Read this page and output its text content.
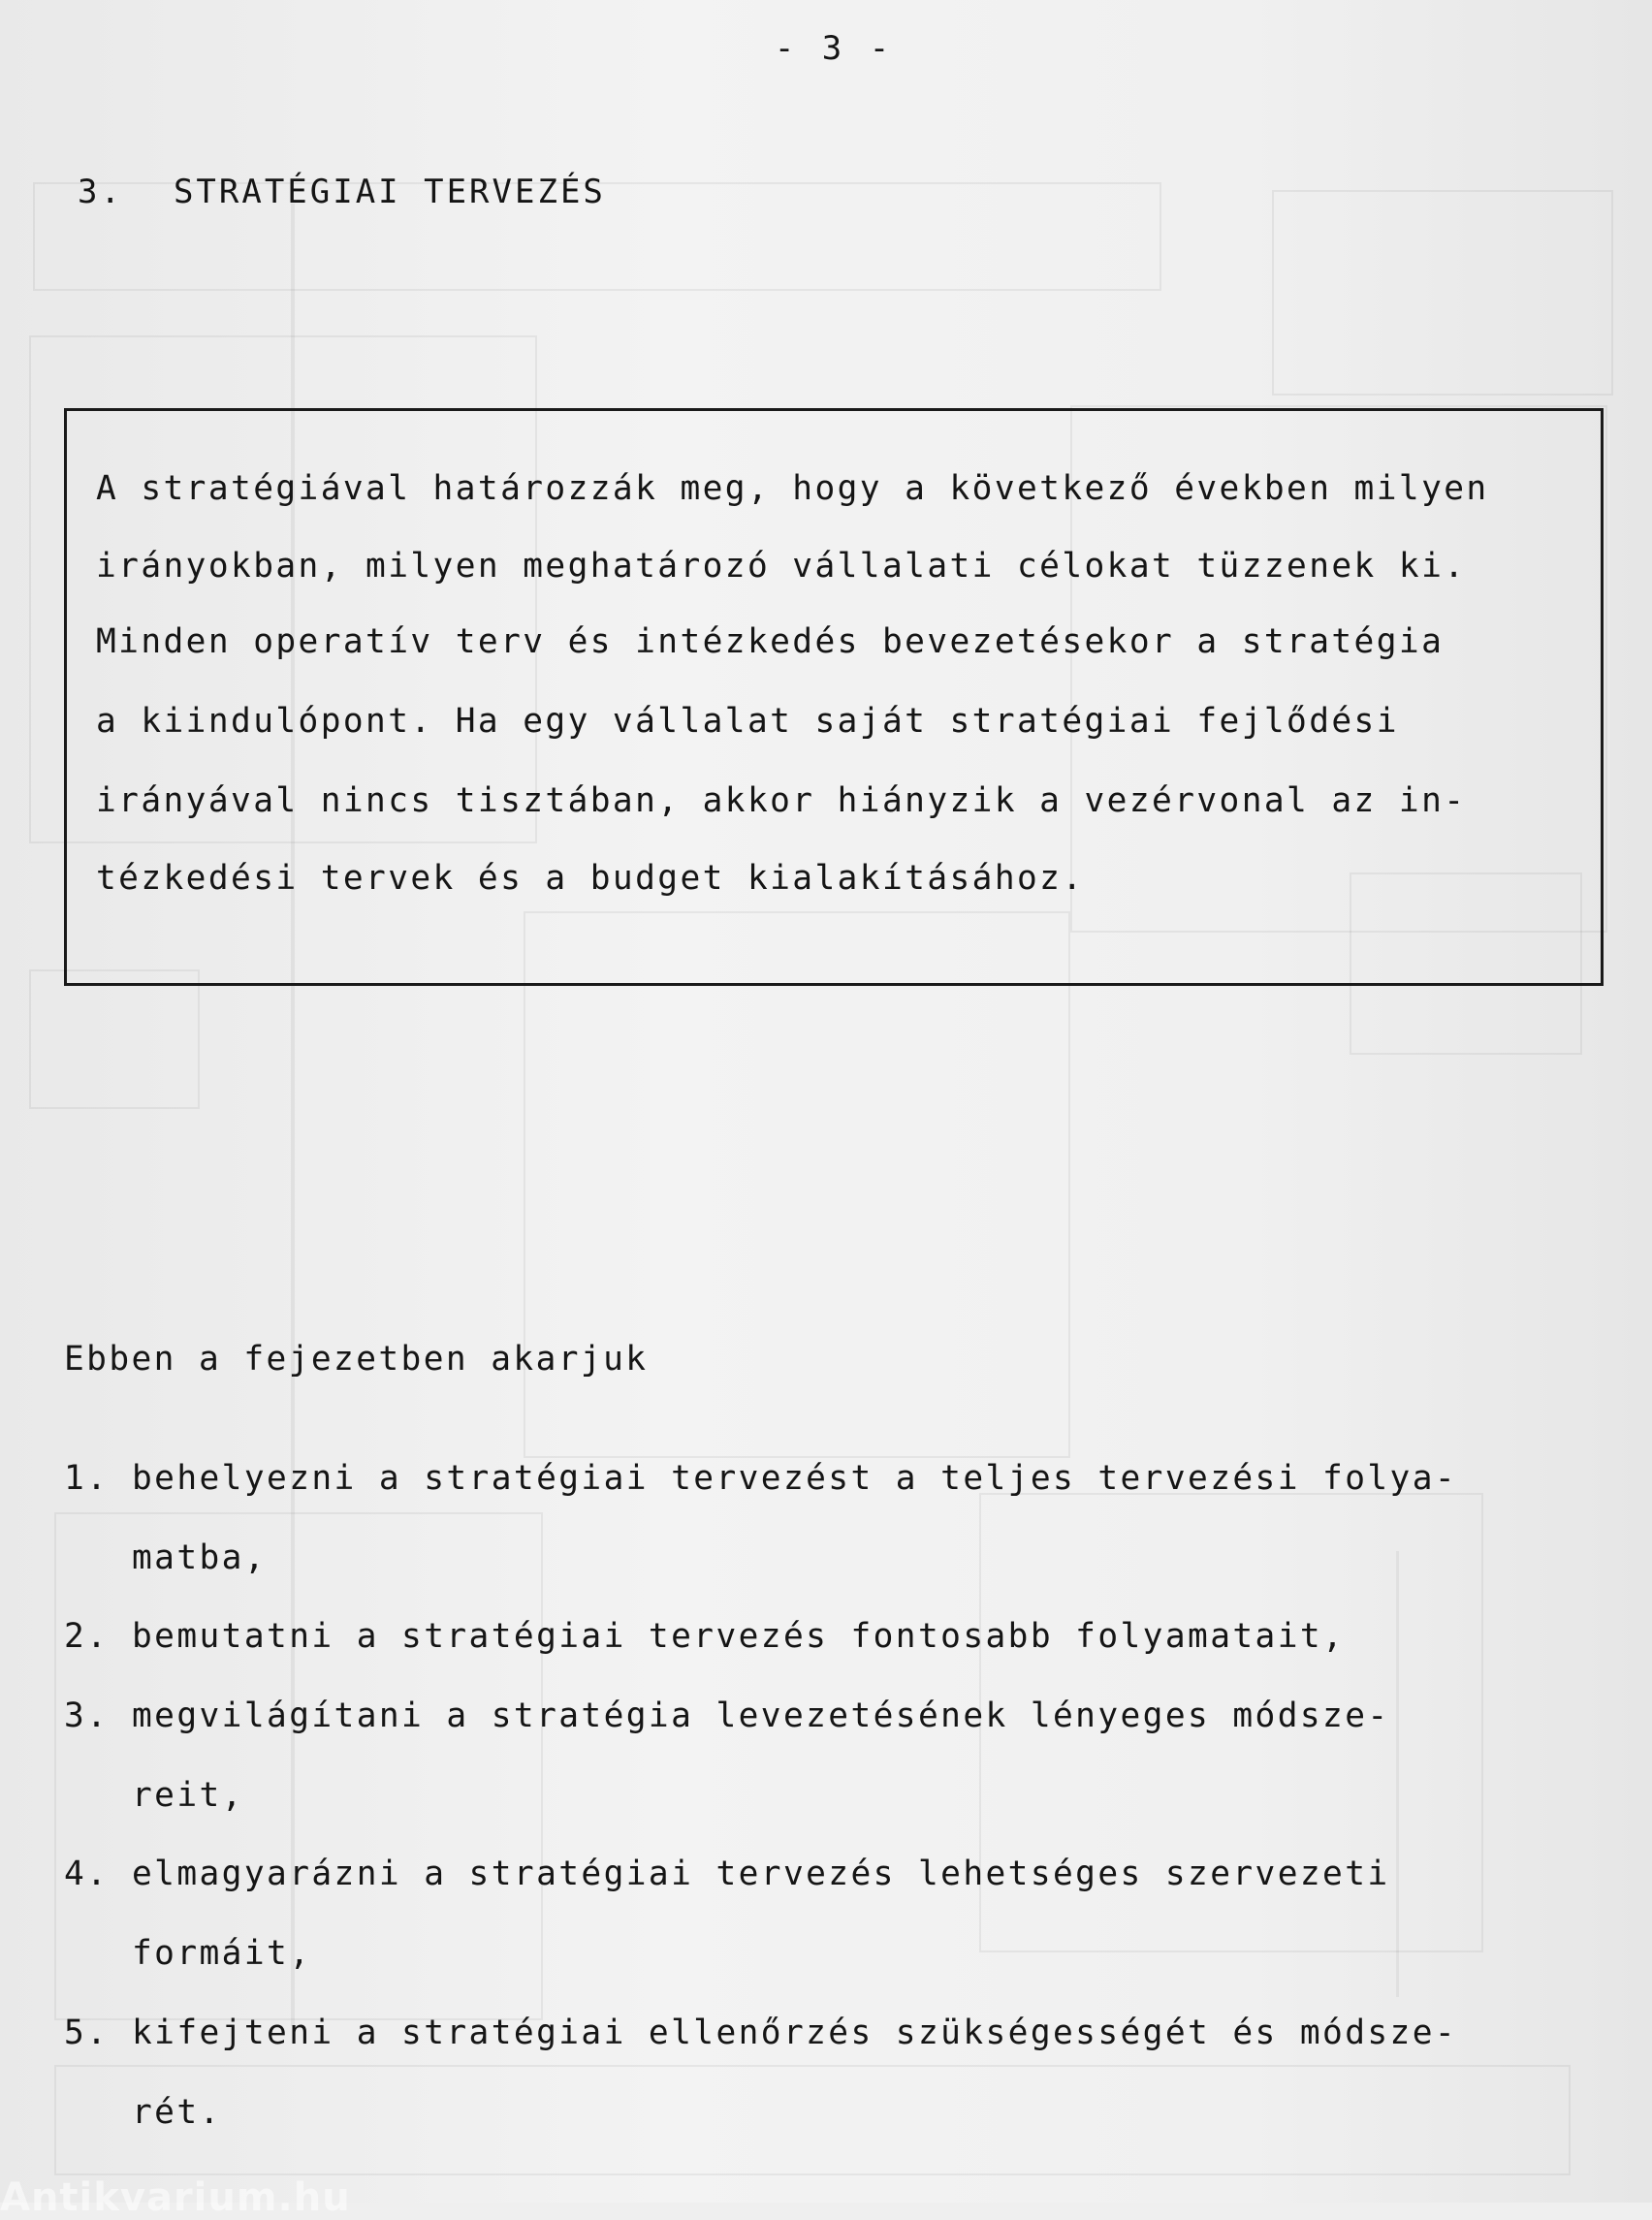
- 3 -
3. STRATÉGIAI TERVEZÉS
A stratégiával határozzák meg, hogy a következő években milyen
irányokban, milyen meghatározó vállalati célokat tüzzenek ki.
Minden operatív terv és intézkedés bevezetésekor a stratégia
a kiindulópont. Ha egy vállalat saját stratégiai fejlődési
irányával nincs tisztában, akkor hiányzik a vezérvonal az in-
tézkedési tervek és a budget kialakításához.
Ebben a fejezetben akarjuk
1. behelyezni a stratégiai tervezést a teljes tervezési folya-
matba,
2. bemutatni a stratégiai tervezés fontosabb folyamatait,
3. megvilágítani a stratégia levezetésének lényeges módsze-
reit,
4. elmagyarázni a stratégiai tervezés lehetséges szervezeti
formáit,
5. kifejteni a stratégiai ellenőrzés szükségességét és módsze-
rét.
Antikvarium.hu
